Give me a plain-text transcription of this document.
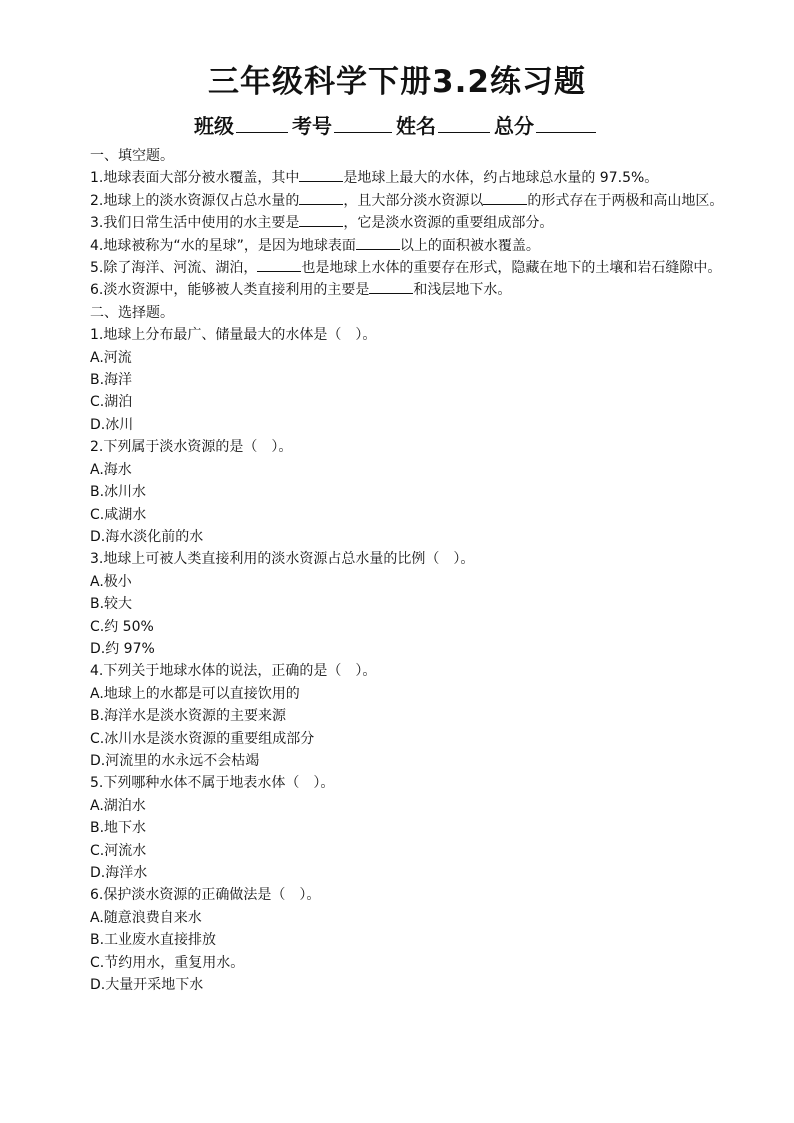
三年级科学下册3.2练习题
班级	考号	姓名	总分
一、填空题。
1.地球表面大部分被水覆盖，其中	是地球上最大的水体，约占地球总水量的 97.5%。
2.地球上的淡水资源仅占总水量的	，且大部分淡水资源以	的形式存在于两极和高山地区。
3.我们日常生活中使用的水主要是	，它是淡水资源的重要组成部分。
4.地球被称为“水的星球”，是因为地球表面	以上的面积被水覆盖。
5.除了海洋、河流、湖泊，	也是地球上水体的重要存在形式，隐藏在地下的土壤和岩石缝隙中。
6.淡水资源中，能够被人类直接利用的主要是	和浅层地下水。
二、选择题。
1.地球上分布最广、储量最大的水体是（　）。
A.河流
B.海洋
C.湖泊
D.冰川
2.下列属于淡水资源的是（　）。
A.海水
B.冰川水
C.咸湖水
D.海水淡化前的水
3.地球上可被人类直接利用的淡水资源占总水量的比例（　）。
A.极小
B.较大
C.约 50%
D.约 97%
4.下列关于地球水体的说法，正确的是（　）。
A.地球上的水都是可以直接饮用的
B.海洋水是淡水资源的主要来源
C.冰川水是淡水资源的重要组成部分
D.河流里的水永远不会枯竭
5.下列哪种水体不属于地表水体（　）。
A.湖泊水
B.地下水
C.河流水
D.海洋水
6.保护淡水资源的正确做法是（　）。
A.随意浪费自来水
B.工业废水直接排放
C.节约用水，重复用水。
D.大量开采地下水
